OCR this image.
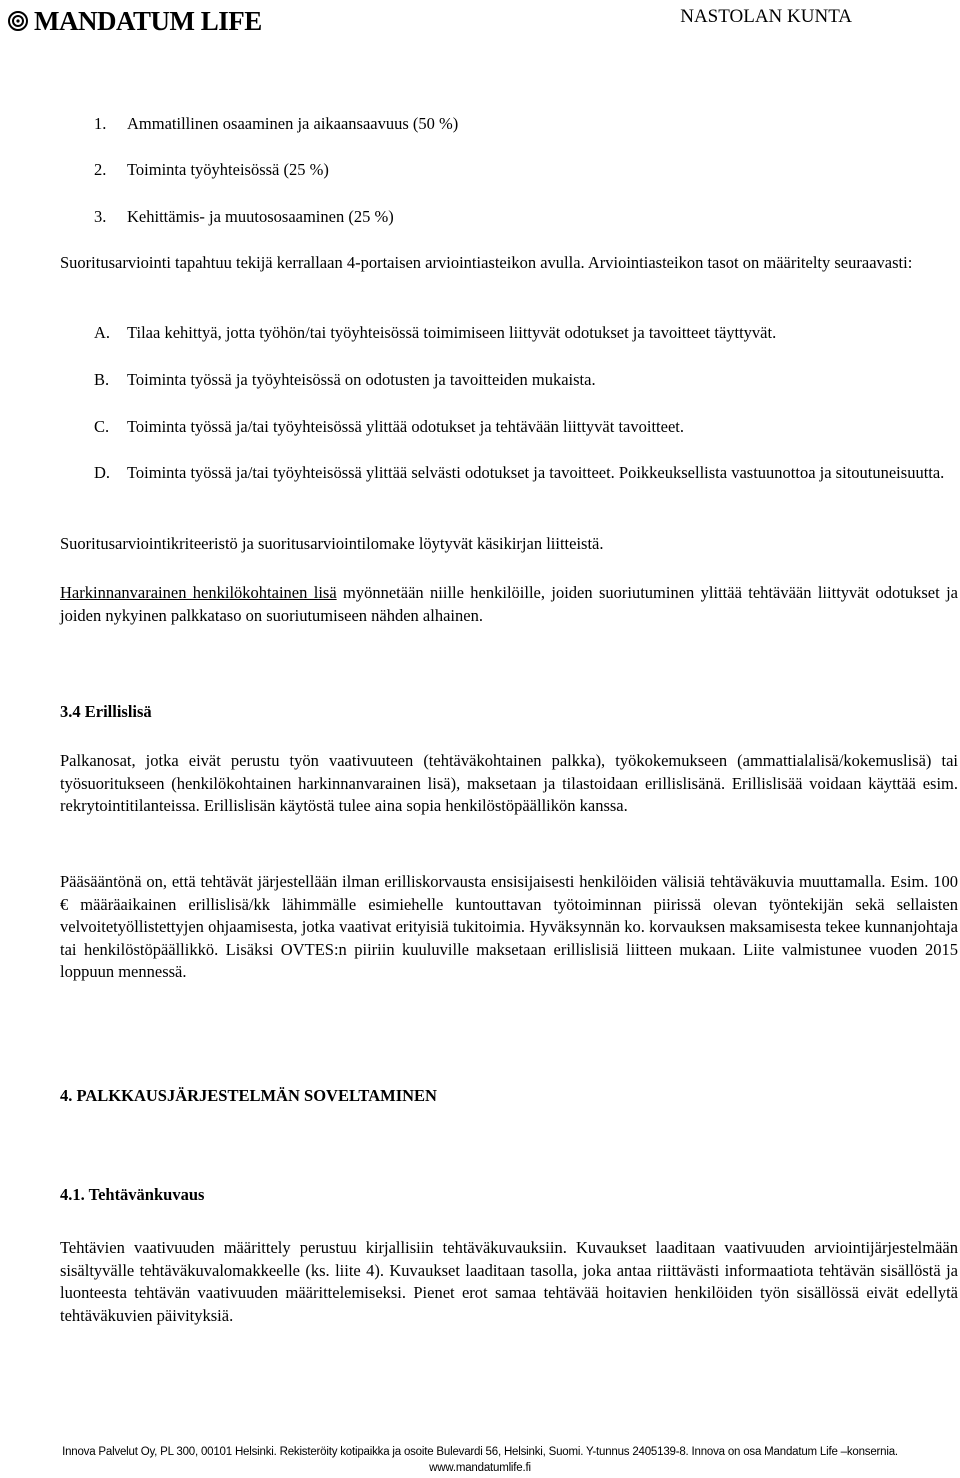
MANDATUM LIFE	NASTOLAN KUNTA
1. Ammatillinen osaaminen ja aikaansaavuus (50 %)
2. Toiminta työyhteisössä (25 %)
3. Kehittämis- ja muutososaaminen (25 %)
Suoritusarviointi tapahtuu tekijä kerrallaan 4-portaisen arviointiasteikon avulla. Arviointiasteikon tasot on määritelty seuraavasti:
A. Tilaa kehittyä, jotta työhön/tai työyhteisössä toimimiseen liittyvät odotukset ja tavoitteet täyttyvät.
B. Toiminta työssä ja työyhteisössä on odotusten ja tavoitteiden mukaista.
C. Toiminta työssä ja/tai työyhteisössä ylittää odotukset ja tehtävään liittyvät tavoitteet.
D. Toiminta työssä ja/tai työyhteisössä ylittää selvästi odotukset ja tavoitteet. Poikkeuksellista vastuunottoa ja sitoutuneisuutta.
Suoritusarviointikriteeristö ja suoritusarviointilomake löytyvät käsikirjan liitteistä.
Harkinnanvarainen henkilökohtainen lisä myönnetään niille henkilöille, joiden suoriutuminen ylittää tehtävään liittyvät odotukset ja joiden nykyinen palkkataso on suoriutumiseen nähden alhainen.
3.4 Erillislisä
Palkanosat, jotka eivät perustu työn vaativuuteen (tehtäväkohtainen palkka), työkokemukseen (ammattialalisä/kokemuslisä) tai työsuoritukseen (henkilökohtainen harkinnanvarainen lisä), maksetaan ja tilastoidaan erillislisänä. Erillislisää voidaan käyttää esim. rekrytointitilanteissa. Erillislisän käytöstä tulee aina sopia henkilöstöpäällikön kanssa.
Pääsääntönä on, että tehtävät järjestellään ilman erilliskorvausta ensisijaisesti henkilöiden välisiä tehtäväkuvia muuttamalla. Esim. 100 € määräaikainen erillislisä/kk lähimmälle esimiehelle kuntouttavan työtoiminnan piirissä olevan työntekijän sekä sellaisten velvoitetyöllistettyjen ohjaamisesta, jotka vaativat erityisiä tukitoimia. Hyväksynnän ko. korvauksen maksamisesta tekee kunnanjohtaja tai henkilöstöpäällikkö. Lisäksi OVTES:n piiriin kuuluville maksetaan erillislisiä liitteen mukaan. Liite valmistunee vuoden 2015 loppuun mennessä.
4. PALKKAUSJÄRJESTELMÄN SOVELTAMINEN
4.1. Tehtävänkuvaus
Tehtävien vaativuuden määrittely perustuu kirjallisiin tehtäväkuvauksiin. Kuvaukset laaditaan vaativuuden arviointijärjestelmään sisältyvälle tehtäväkuvalomakkeelle (ks. liite 4). Kuvaukset laaditaan tasolla, joka antaa riittävästi informaatiota tehtävän sisällöstä ja luonteesta tehtävän vaativuuden määrittelemiseksi. Pienet erot samaa tehtävää hoitavien henkilöiden työn sisällössä eivät edellytä tehtäväkuvien päivityksiä.
Innova Palvelut Oy, PL 300, 00101 Helsinki. Rekisteröity kotipaikka ja osoite Bulevardi 56, Helsinki, Suomi. Y-tunnus 2405139-8. Innova on osa Mandatum Life –konsernia.
www.mandatumlife.fi
